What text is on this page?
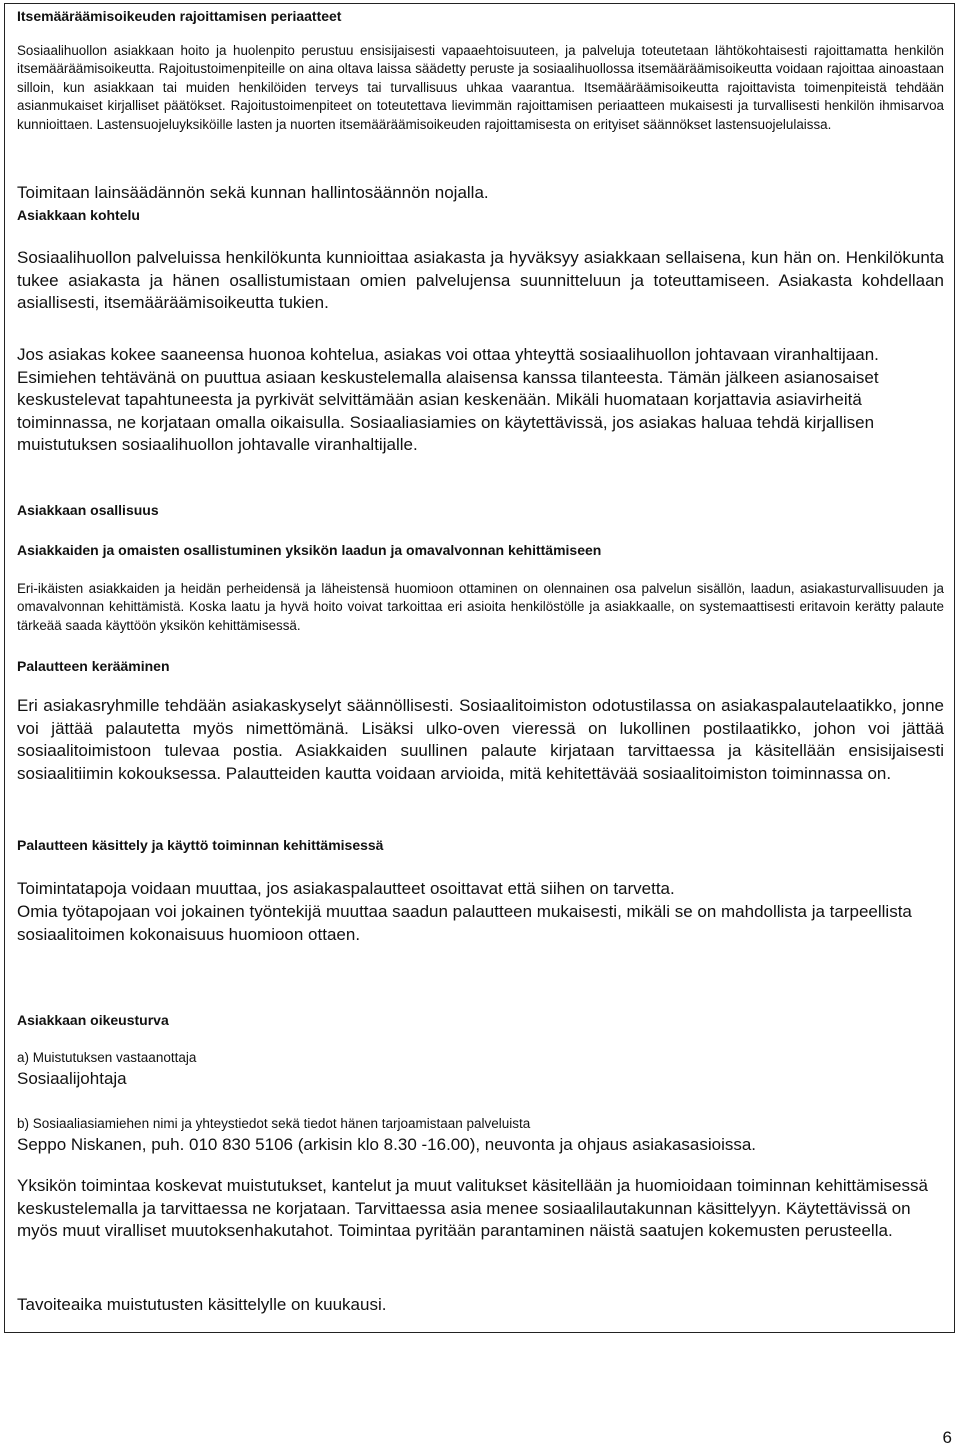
Itsemääräämisoikeuden rajoittamisen periaatteet

Sosiaalihuollon asiakkaan hoito ja huolenpito perustuu ensisijaisesti vapaaehtoisuuteen, ja palveluja toteutetaan lähtökohtaisesti rajoittamatta henkilön itsemääräämisoikeutta. Rajoitustoimenpiteille on aina oltava laissa säädetty peruste ja sosiaalihuollossa itsemääräämisoikeutta voidaan rajoittaa ainoastaan silloin, kun asiakkaan tai muiden henkilöiden terveys tai turvallisuus uhkaa vaarantua. Itsemääräämisoikeutta rajoittavista toimenpiteistä tehdään asianmukaiset kirjalliset päätökset. Rajoitustoimenpiteet on toteutettava lievimmän rajoittamisen periaatteen mukaisesti ja turvallisesti henkilön ihmisarvoa kunnioittaen. Lastensuojeluyksiköille lasten ja nuorten itsemääräämisoikeuden rajoittamisesta on erityiset säännökset lastensuojelulaissa.

Toimitaan lainsäädännön sekä kunnan hallintosäännön nojalla.

Asiakkaan kohtelu

Sosiaalihuollon palveluissa henkilökunta kunnioittaa asiakasta ja hyväksyy asiakkaan sellaisena, kun hän on. Henkilökunta tukee asiakasta ja hänen osallistumistaan omien palvelujensa suunnitteluun ja toteuttamiseen. Asiakasta kohdellaan asiallisesti, itsemääräämisoikeutta tukien.

Jos asiakas kokee saaneensa huonoa kohtelua, asiakas voi ottaa yhteyttä sosiaalihuollon johtavaan viranhaltijaan. Esimiehen tehtävänä on puuttua asiaan keskustelemalla alaisensa kanssa tilanteesta. Tämän jälkeen asianosaiset keskustelevat tapahtuneesta ja pyrkivät selvittämään asian keskenään. Mikäli huomataan korjattavia asiavirheitä toiminnassa, ne korjataan omalla oikaisulla. Sosiaaliasiamies on käytettävissä, jos asiakas haluaa tehdä kirjallisen muistutuksen sosiaalihuollon johtavalle viranhaltijalle.

Asiakkaan osallisuus

Asiakkaiden ja omaisten osallistuminen yksikön laadun ja omavalvonnan kehittämiseen

Eri-ikäisten asiakkaiden ja heidän perheidensä ja läheistensä huomioon ottaminen on olennainen osa palvelun sisällön, laadun, asiakasturvallisuuden ja omavalvonnan kehittämistä. Koska laatu ja hyvä hoito voivat tarkoittaa eri asioita henkilöstölle ja asiakkaalle, on systemaattisesti eritavoin kerätty palaute tärkeää saada käyttöön yksikön kehittämisessä.

Palautteen kerääminen

Eri asiakasryhmille tehdään asiakaskyselyt säännöllisesti. Sosiaalitoimiston odotustilassa on asiakaspalautelaatikko, jonne voi jättää palautetta myös nimettömänä. Lisäksi ulko-oven vieressä on lukollinen postilaatikko, johon voi jättää sosiaalitoimistoon tulevaa postia. Asiakkaiden suullinen palaute kirjataan tarvittaessa ja käsitellään ensisijaisesti sosiaalitiimin kokouksessa. Palautteiden kautta voidaan arvioida, mitä kehitettävää sosiaalitoimiston toiminnassa on.

Palautteen käsittely ja käyttö toiminnan kehittämisessä

Toimintatapoja voidaan muuttaa, jos asiakaspalautteet osoittavat että siihen on tarvetta.

Omia työtapojaan voi jokainen työntekijä muuttaa saadun palautteen mukaisesti, mikäli se on mahdollista ja tarpeellista sosiaalitoimen kokonaisuus huomioon ottaen.

Asiakkaan oikeusturva

a) Muistutuksen vastaanottaja

Sosiaalijohtaja

b) Sosiaaliasiamiehen nimi ja yhteystiedot sekä tiedot hänen tarjoamistaan palveluista

Seppo Niskanen, puh. 010 830 5106 (arkisin klo 8.30 -16.00), neuvonta ja ohjaus asiakasasioissa.

Yksikön toimintaa koskevat muistutukset, kantelut ja muut valitukset käsitellään ja huomioidaan toiminnan kehittämisessä keskustelemalla ja tarvittaessa ne korjataan. Tarvittaessa asia menee sosiaalilautakunnan käsittelyyn. Käytettävissä on myös muut viralliset muutoksenhakutahot. Toimintaa pyritään parantaminen näistä saatujen kokemusten perusteella.

Tavoiteaika muistutusten käsittelylle on kuukausi.

6
